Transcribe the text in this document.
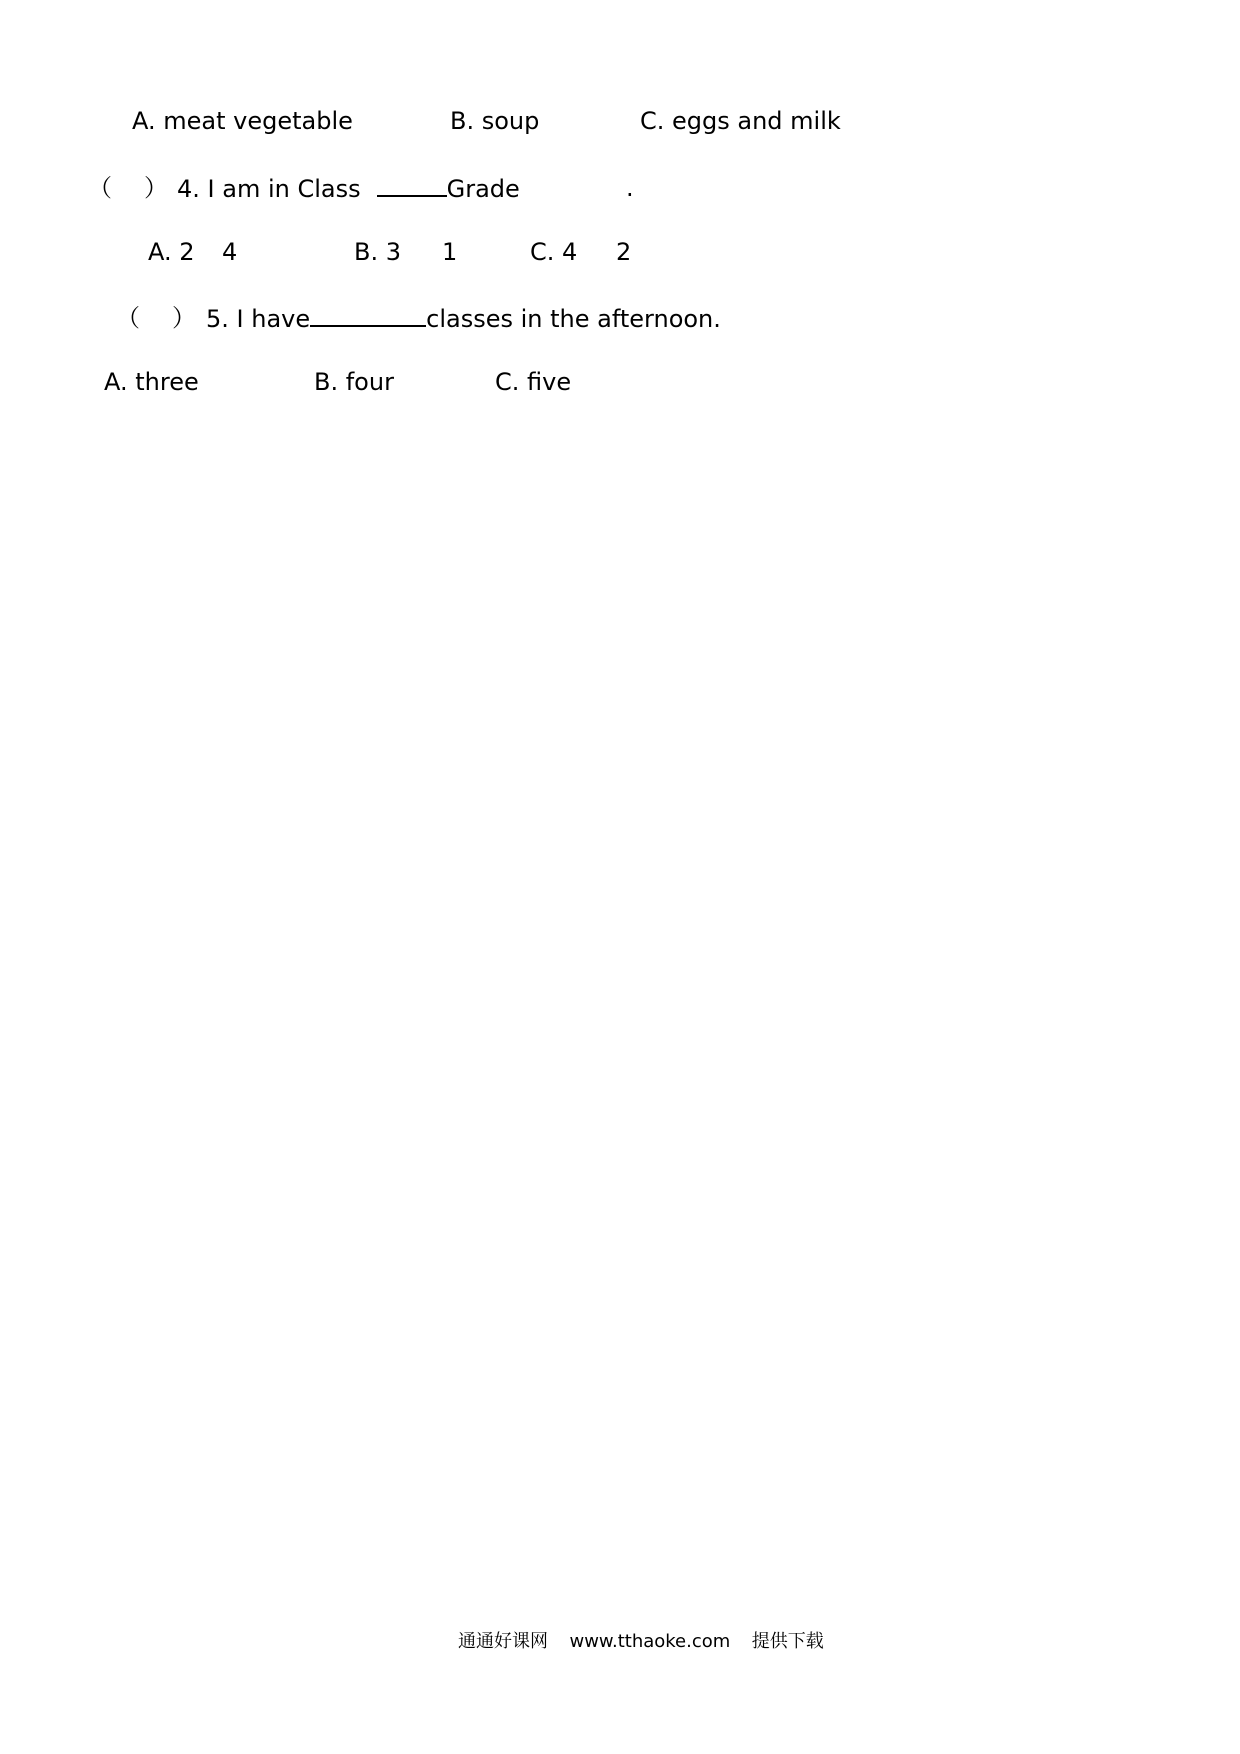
A. meat vegetable	B. soup	C. eggs and milk
（ ） 4. I am in Class	Grade	.
A. 2 4	B. 3 1	C. 4 2
（ ） 5. I have	classes in the afternoon.
A. three	B. four	C. five
通通好课网 www.tthaoke.com 提供下载
